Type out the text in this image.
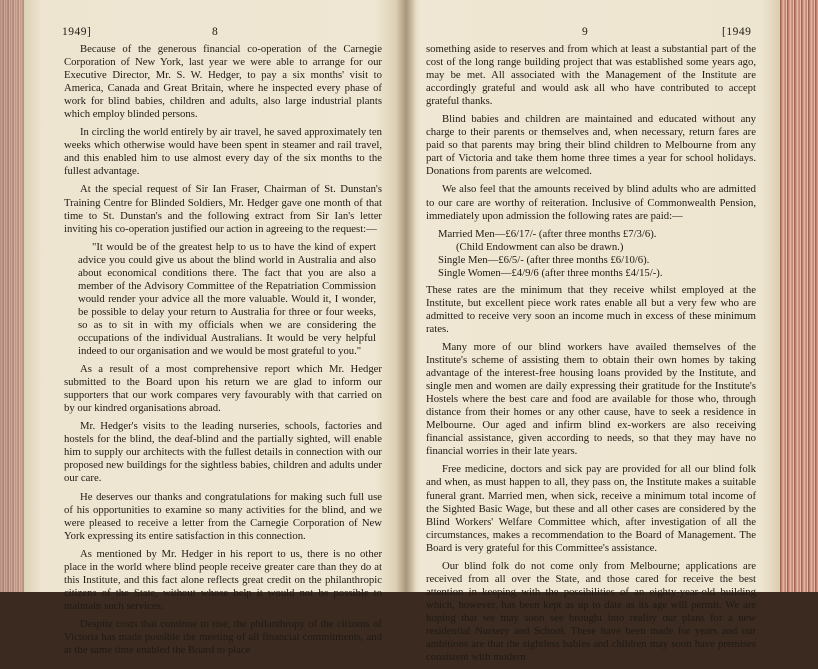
1949]	8

Because of the generous financial co-operation of the Carnegie Corporation of New York, last year we were able to arrange for our Executive Director, Mr. S. W. Hedger, to pay a six months' visit to America, Canada and Great Britain, where he inspected every phase of work for blind babies, children and adults, also large industrial plants which employ blinded persons.

In circling the world entirely by air travel, he saved approximately ten weeks which otherwise would have been spent in steamer and rail travel, and this enabled him to use almost every day of the six months to the fullest advantage.

At the special request of Sir Ian Fraser, Chairman of St. Dunstan's Training Centre for Blinded Soldiers, Mr. Hedger gave one month of that time to St. Dunstan's and the following extract from Sir Ian's letter inviting his co-operation justified our action in agreeing to the request:—

"It would be of the greatest help to us to have the kind of expert advice you could give us about the blind world in Australia and also about economical conditions there. The fact that you are also a member of the Advisory Committee of the Repatriation Commission would render your advice all the more valuable. Would it, I wonder, be possible to delay your return to Australia for three or four weeks, so as to sit in with my officials when we are considering the occupations of the individual Australians. It would be very helpful indeed to our organisation and we would be most grateful to you."

As a result of a most comprehensive report which Mr. Hedger submitted to the Board upon his return we are glad to inform our supporters that our work compares very favourably with that carried on by our kindred organisations abroad.

Mr. Hedger's visits to the leading nurseries, schools, factories and hostels for the blind, the deaf-blind and the partially sighted, will enable him to supply our architects with the fullest details in connection with our proposed new buildings for the sightless babies, children and adults under our care.

He deserves our thanks and congratulations for making such full use of his opportunities to examine so many activities for the blind, and we were pleased to receive a letter from the Carnegie Corporation of New York expressing its entire satisfaction in this connection.

As mentioned by Mr. Hedger in his report to us, there is no other place in the world where blind people receive greater care than they do at this Institute, and this fact alone reflects great credit on the philanthropic citizens of the State, without whose help it would not be possible to maintain such services.

Despite costs that continue to rise, the philanthropy of the citizens of Victoria has made possible the meeting of all financial commitments, and at the same time enabled the Board to place

9	[1949

something aside to reserves and from which at least a substantial part of the cost of the long range building project that was established some years ago, may be met. All associated with the Management of the Institute are accordingly grateful and would ask all who have contributed to accept grateful thanks.

Blind babies and children are maintained and educated without any charge to their parents or themselves and, when necessary, return fares are paid so that parents may bring their blind children to Melbourne from any part of Victoria and take them home three times a year for school holidays. Donations from parents are welcomed.

We also feel that the amounts received by blind adults who are admitted to our care are worthy of reiteration. Inclusive of Commonwealth Pension, immediately upon admission the following rates are paid:—

Married Men—£6/17/- (after three months £7/3/6).

(Child Endowment can also be drawn.)

Single Men—£6/5/- (after three months £6/10/6).

Single Women—£4/9/6 (after three months £4/15/-).

These rates are the minimum that they receive whilst employed at the Institute, but excellent piece work rates enable all but a very few who are admitted to receive very soon an income much in excess of these minimum rates.

Many more of our blind workers have availed themselves of the Institute's scheme of assisting them to obtain their own homes by taking advantage of the interest-free housing loans provided by the Institute, and single men and women are daily expressing their gratitude for the Institute's Hostels where the best care and food are available for those who, through distance from their homes or any other cause, have to seek a residence in Melbourne. Our aged and infirm blind ex-workers are also receiving financial assistance, given according to needs, so that they may have no financial worries in their late years.

Free medicine, doctors and sick pay are provided for all our blind folk and when, as must happen to all, they pass on, the Institute makes a suitable funeral grant. Married men, when sick, receive a minimum total income of the Sighted Basic Wage, but these and all other cases are considered by the Blind Workers' Welfare Committee which, after investigation of all the circumstances, makes a recommendation to the Board of Management. The Board is very grateful for this Committee's assistance.

Our blind folk do not come only from Melbourne; applications are received from all over the State, and those cared for receive the best attention in keeping with the possibilities of an eighty-year-old building which, however, has been kept as up to date as its age will permit. We are hoping that we may soon see brought into reality our plans for a new residential Nursery and School. These have been made for years and our ambitions are that the sightless babies and children may soon have premises consistent with modern
